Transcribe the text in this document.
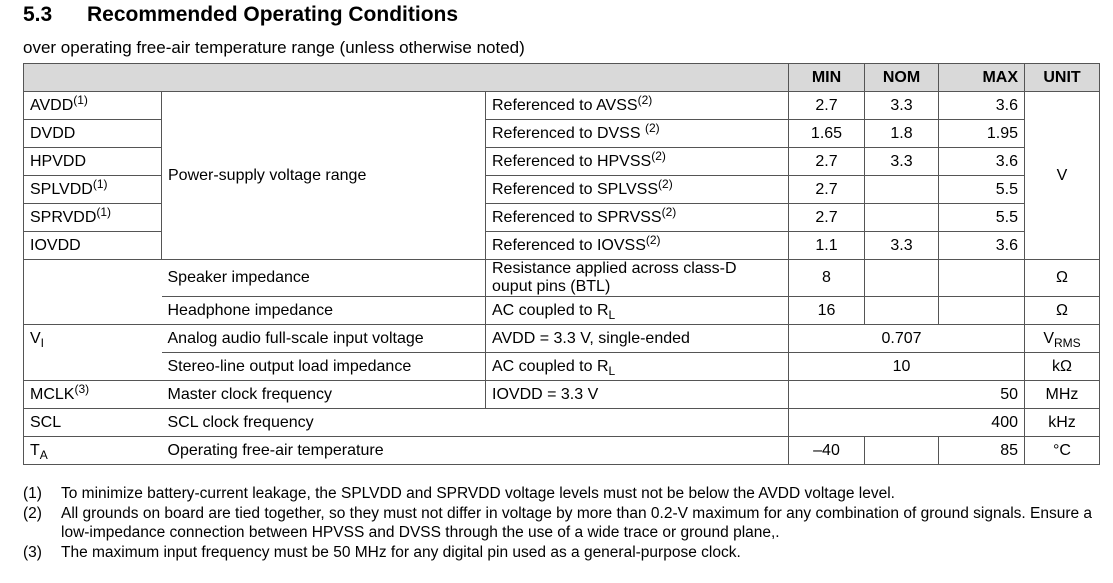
5.3	Recommended Operating Conditions
over operating free-air temperature range (unless otherwise noted)
			MIN	NOM	MAX	UNIT
AVDD$^{(1)}$	Power-supply voltage range	Referenced to AVSS$^{(2)}$	2.7	3.3	3.6	V
DVDD		Referenced to DVSS $^{(2)}$	1.65	1.8	1.95	
HPVDD		Referenced to HPVSS$^{(2)}$	2.7	3.3	3.6	
SPLVDD$^{(1)}$		Referenced to SPLVSS$^{(2)}$	2.7		5.5	
SPRVDD$^{(1)}$		Referenced to SPRVSS$^{(2)}$	2.7		5.5	
IOVDD		Referenced to IOVSS$^{(2)}$	1.1	3.3	3.6	
	Speaker impedance	Resistance applied across class-D
ouput pins (BTL)	8			Ω
	Headphone impedance	AC coupled to $R_L$	16			Ω
$V_I$	Analog audio full-scale input voltage	AVDD = 3.3 V, single-ended		0.707		$V_{RMS}$
	Stereo-line output load impedance	AC coupled to $R_L$		10		kΩ
MCLK$^{(3)}$	Master clock frequency	IOVDD = 3.3 V			50	MHz
SCL	SCL clock frequency				400	kHz
$T_A$	Operating free-air temperature		–40		85	°C
(1)	To minimize battery-current leakage, the SPLVDD and SPRVDD voltage levels must not be below the AVDD voltage level.
(2)	All grounds on board are tied together, so they must not differ in voltage by more than 0.2-V maximum for any combination of ground signals. Ensure a low-impedance connection between HPVSS and DVSS through the use of a wide trace or ground plane,.
(3)	The maximum input frequency must be 50 MHz for any digital pin used as a general-purpose clock.
